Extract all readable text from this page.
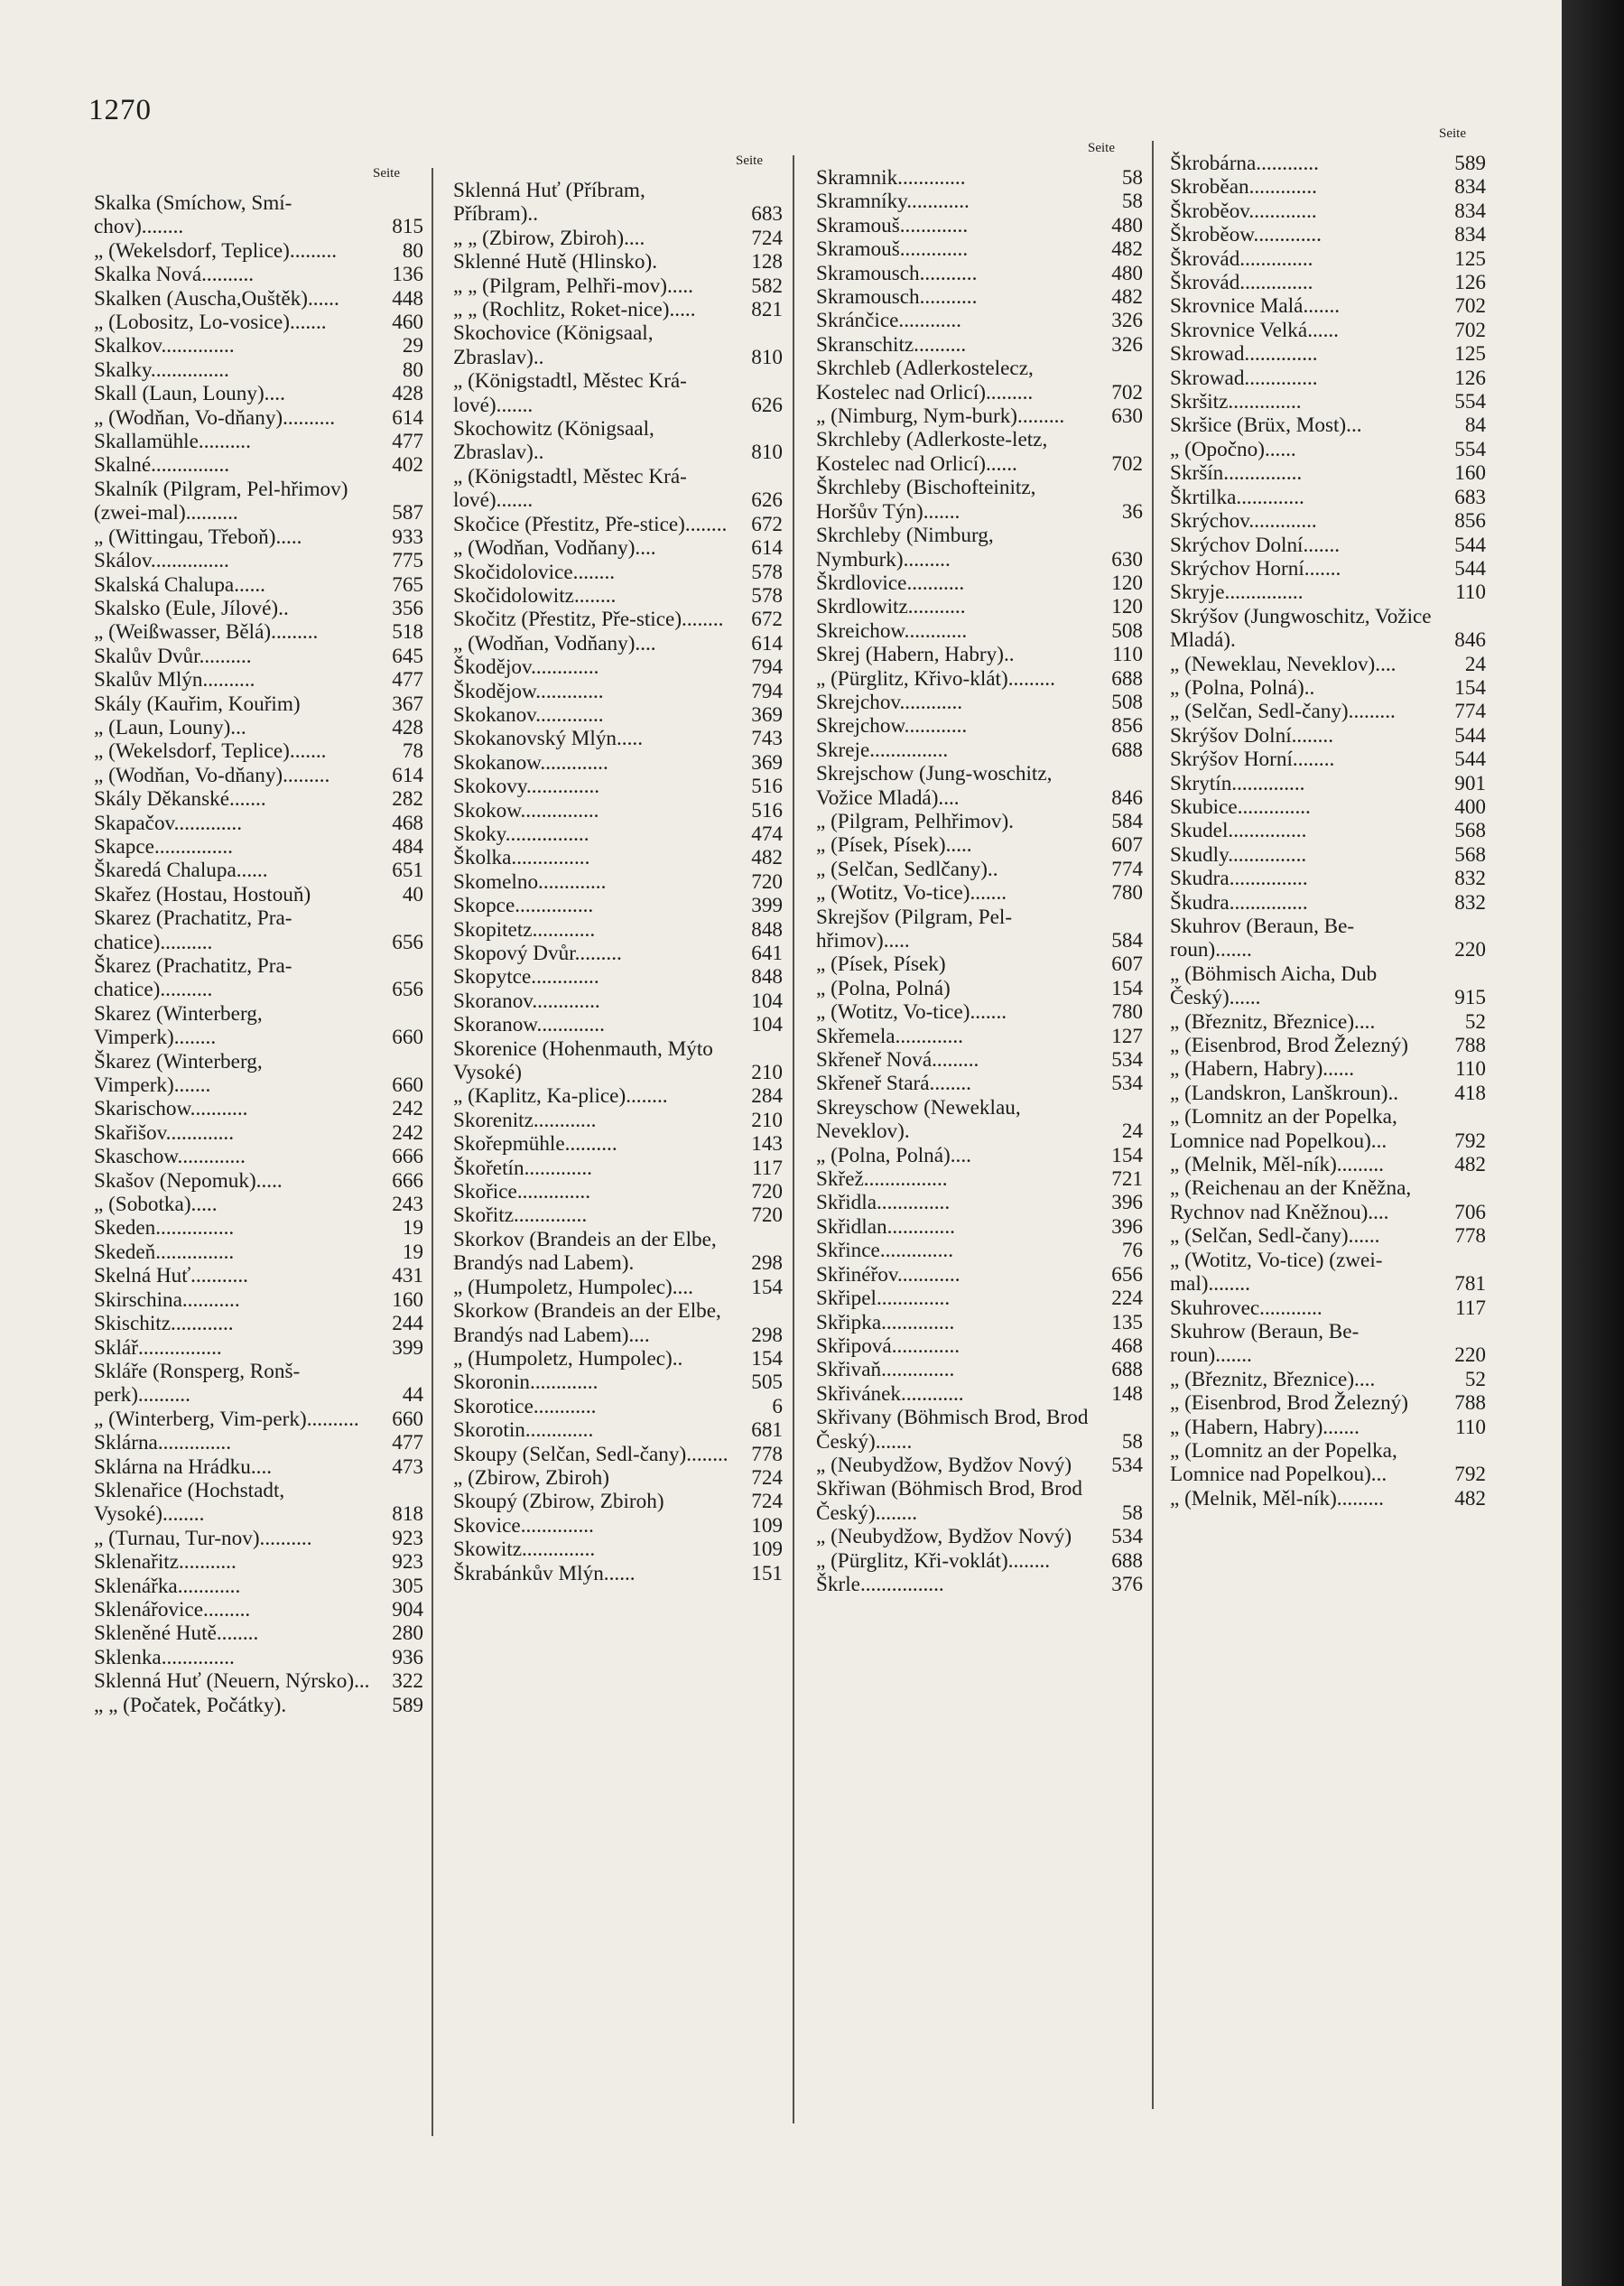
1270
Seite
Seite
Seite
Seite
Skalka (Smíchow, Smí-chov)........	815
„ (Wekelsdorf, Teplice).........	80
Skalka Nová..........	136
Skalken (Auscha,Ouštěk)......	448
„ (Lobositz, Lo-vosice).......	460
Skalkov..............	29
Skalky...............	80
Skall (Laun, Louny)....	428
„ (Wodňan, Vo-dňany)..........	614
Skallamühle..........	477
Skalné...............	402
Skalník (Pilgram, Pel-hřimov) (zwei-mal)..........	587
„ (Wittingau, Třeboň).....	933
Skálov...............	775
Skalská Chalupa......	765
Skalsko (Eule, Jílové)..	356
„ (Weißwasser, Bělá).........	518
Skalův Dvůr..........	645
Skalův Mlýn..........	477
Skály (Kauřim, Kouřim)	367
„ (Laun, Louny)...	428
„ (Wekelsdorf, Teplice).......	78
„ (Wodňan, Vo-dňany).........	614
Skály Děkanské.......	282
Skapačov.............	468
Skapce...............	484
Škaredá Chalupa......	651
Skařez (Hostau, Hostouň)	40
Skarez (Prachatitz, Pra-chatice)..........	656
Škarez (Prachatitz, Pra-chatice)..........	656
Skarez (Winterberg, Vimperk)........	660
Škarez (Winterberg, Vimperk).......	660
Skarischow...........	242
Skařišov.............	242
Skaschow.............	666
Skašov (Nepomuk).....	666
„ (Sobotka).....	243
Skeden...............	19
Skedeň...............	19
Skelná Huť...........	431
Skirschina...........	160
Skischitz............	244
Sklář................	399
Skláře (Ronsperg, Ronš-perk)..........	44
„ (Winterberg, Vim-perk)..........	660
Sklárna..............	477
Sklárna na Hrádku....	473
Sklenařice (Hochstadt, Vysoké)........	818
„ (Turnau, Tur-nov)..........	923
Sklenařitz...........	923
Sklenářka............	305
Sklenářovice.........	904
Skleněné Hutě........	280
Sklenka..............	936
Sklenná Huť (Neuern, Nýrsko)...	322
„ „ (Počatek, Počátky).	589
Sklenná Huť (Příbram, Příbram)..	683
„ „ (Zbirow, Zbiroh)....	724
Sklenné Hutě (Hlinsko).	128
„ „ (Pilgram, Pelhři-mov).....	582
„ „ (Rochlitz, Roket-nice).....	821
Skochovice (Königsaal, Zbraslav)..	810
„ (Königstadtl, Městec Krá-lové).......	626
Skochowitz (Königsaal, Zbraslav)..	810
„ (Königstadtl, Městec Krá-lové).......	626
Skočice (Přestitz, Pře-stice)........	672
„ (Wodňan, Vodňany)....	614
Skočidolovice........	578
Skočidolowitz........	578
Skočitz (Přestitz, Pře-stice)........	672
„ (Wodňan, Vodňany)....	614
Škodějov.............	794
Škodějow.............	794
Skokanov.............	369
Skokanovský Mlýn.....	743
Skokanow.............	369
Skokovy..............	516
Skokow...............	516
Skoky................	474
Školka...............	482
Skomelno.............	720
Skopce...............	399
Skopitetz............	848
Skopový Dvůr.........	641
Skopytce.............	848
Skoranov.............	104
Skoranow.............	104
Skorenice (Hohenmauth, Mýto Vysoké)	210
„ (Kaplitz, Ka-plice)........	284
Skorenitz............	210
Skořepmühle..........	143
Škořetín.............	117
Skořice..............	720
Skořitz..............	720
Skorkov (Brandeis an der Elbe, Brandýs nad Labem).	298
„ (Humpoletz, Humpolec)....	154
Skorkow (Brandeis an der Elbe, Brandýs nad Labem)....	298
„ (Humpoletz, Humpolec)..	154
Skoronin.............	505
Skorotice............	6
Skorotin.............	681
Skoupy (Selčan, Sedl-čany)........	778
„ (Zbirow, Zbiroh)	724
Skoupý (Zbirow, Zbiroh)	724
Skovice..............	109
Skowitz..............	109
Škrabánkův Mlýn......	151
Skramnik.............	58
Skramníky............	58
Skramouš.............	480
Skramouš.............	482
Skramousch...........	480
Skramousch...........	482
Skránčice............	326
Skranschitz..........	326
Skrchleb (Adlerkostelecz, Kostelec nad Orlicí).........	702
„ (Nimburg, Nym-burk).........	630
Skrchleby (Adlerkoste-letz, Kostelec nad Orlicí)......	702
Škrchleby (Bischofteinitz, Horšův Týn).......	36
Skrchleby (Nimburg, Nymburk).........	630
Škrdlovice...........	120
Skrdlowitz...........	120
Skreichow............	508
Skrej (Habern, Habry)..	110
„ (Pürglitz, Křivo-klát).........	688
Skrejchov............	508
Skrejchow............	856
Skreje...............	688
Skrejschow (Jung-woschitz, Vožice Mladá)....	846
„ (Pilgram, Pelhřimov).	584
„ (Písek, Písek).....	607
„ (Selčan, Sedlčany)..	774
„ (Wotitz, Vo-tice).......	780
Skrejšov (Pilgram, Pel-hřimov).....	584
„ (Písek, Písek)	607
„ (Polna, Polná)	154
„ (Wotitz, Vo-tice).......	780
Skřemela.............	127
Skřeneř Nová.........	534
Skřeneř Stará........	534
Skreyschow (Neweklau, Neveklov).	24
„ (Polna, Polná)....	154
Skřež................	721
Skřidla..............	396
Skřidlan.............	396
Skřince..............	76
Skřinéřov............	656
Skřipel..............	224
Skřipka..............	135
Skřipová.............	468
Skřivaň..............	688
Skřivánek............	148
Skřivany (Böhmisch Brod, Brod Český).......	58
„ (Neubydžow, Bydžov Nový)	534
Skřiwan (Böhmisch Brod, Brod Český)........	58
„ (Neubydžow, Bydžov Nový)	534
„ (Pürglitz, Kři-voklát)........	688
Škrle................	376
Škrobárna............	589
Skroběan.............	834
Škroběov.............	834
Škroběow.............	834
Škrovád..............	125
Škrovád..............	126
Skrovnice Malá.......	702
Skrovnice Velká......	702
Skrowad..............	125
Skrowad..............	126
Skršitz..............	554
Skršice (Brüx, Most)...	84
„ (Opočno)......	554
Skršín...............	160
Škrtilka.............	683
Skrýchov.............	856
Skrýchov Dolní.......	544
Skrýchov Horní.......	544
Skryje...............	110
Skrýšov (Jungwoschitz, Vožice Mladá).	846
„ (Neweklau, Neveklov)....	24
„ (Polna, Polná)..	154
„ (Selčan, Sedl-čany).........	774
Skrýšov Dolní........	544
Skrýšov Horní........	544
Skrytín..............	901
Skubice..............	400
Skudel...............	568
Skudly...............	568
Skudra...............	832
Škudra...............	832
Skuhrov (Beraun, Be-roun).......	220
„ (Böhmisch Aicha, Dub Český)......	915
„ (Březnitz, Březnice)....	52
„ (Eisenbrod, Brod Železný)	788
„ (Habern, Habry)......	110
„ (Landskron, Lanškroun)..	418
„ (Lomnitz an der Popelka, Lomnice nad Popelkou)...	792
„ (Melnik, Měl-ník).........	482
„ (Reichenau an der Kněžna, Rychnov nad Kněžnou)....	706
„ (Selčan, Sedl-čany)......	778
„ (Wotitz, Vo-tice) (zwei-mal)........	781
Skuhrovec............	117
Skuhrow (Beraun, Be-roun).......	220
„ (Březnitz, Březnice)....	52
„ (Eisenbrod, Brod Železný)	788
„ (Habern, Habry).......	110
„ (Lomnitz an der Popelka, Lomnice nad Popelkou)...	792
„ (Melnik, Měl-ník).........	482
